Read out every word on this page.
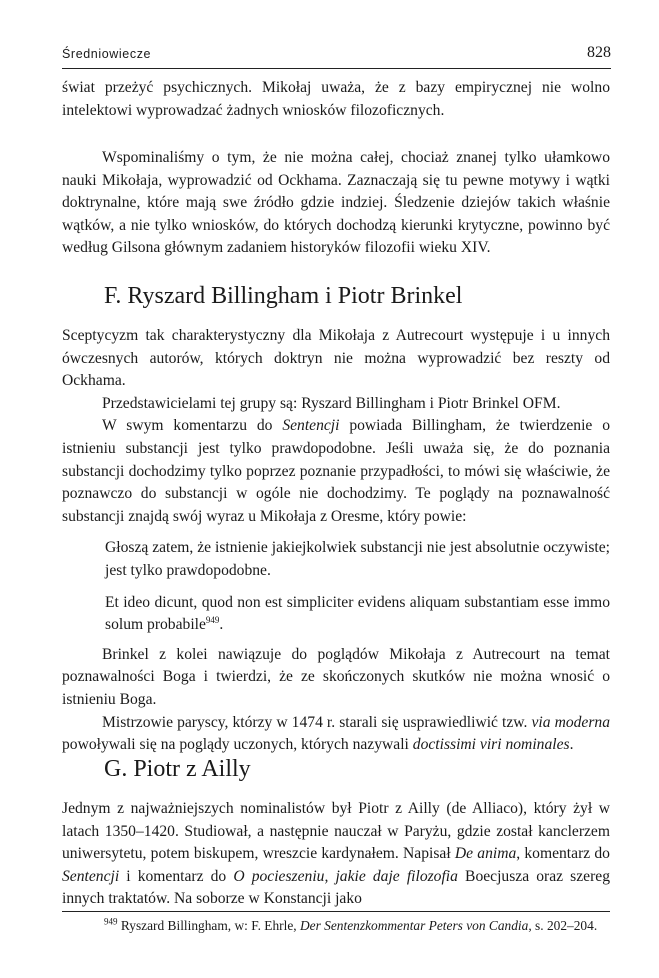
Średniowiecze	828

świat przeżyć psychicznych. Mikołaj uważa, że z bazy empirycznej nie wolno intelektowi wyprowadzać żadnych wniosków filozoficznych.

Wspominaliśmy o tym, że nie można całej, chociaż znanej tylko ułamkowo nauki Mikołaja, wyprowadzić od Ockhama. Zaznaczają się tu pewne motywy i wątki doktrynalne, które mają swe źródło gdzie indziej. Śledzenie dziejów takich właśnie wątków, a nie tylko wniosków, do których dochodzą kierunki krytyczne, powinno być według Gilsona głównym zadaniem historyków filozofii wieku XIV.

F. Ryszard Billingham i Piotr Brinkel

Sceptycyzm tak charakterystyczny dla Mikołaja z Autrecourt występuje i u innych ówczesnych autorów, których doktryn nie można wyprowadzić bez reszty od Ockhama.

Przedstawicielami tej grupy są: Ryszard Billingham i Piotr Brinkel OFM.

W swym komentarzu do Sentencji powiada Billingham, że twierdzenie o istnieniu substancji jest tylko prawdopodobne. Jeśli uważa się, że do poznania substancji dochodzimy tylko poprzez poznanie przypadłości, to mówi się właściwie, że poznawczo do substancji w ogóle nie dochodzimy. Te poglądy na poznawalność substancji znajdą swój wyraz u Mikołaja z Oresme, który powie:

Głoszą zatem, że istnienie jakiejkolwiek substancji nie jest absolutnie oczywiste; jest tylko prawdopodobne.

Et ideo dicunt, quod non est simpliciter evidens aliquam substantiam esse immo solum probabile$^{949}$.

Brinkel z kolei nawiązuje do poglądów Mikołaja z Autrecourt na temat poznawalności Boga i twierdzi, że ze skończonych skutków nie można wnosić o istnieniu Boga.

Mistrzowie paryscy, którzy w 1474 r. starali się usprawiedliwić tzw. via moderna powoływali się na poglądy uczonych, których nazywali doctissimi viri nominales.

G. Piotr z Ailly

Jednym z najważniejszych nominalistów był Piotr z Ailly (de Alliaco), który żył w latach 1350–1420. Studiował, a następnie nauczał w Paryżu, gdzie został kanclerzem uniwersytetu, potem biskupem, wreszcie kardynałem. Napisał De anima, komentarz do Sentencji i komentarz do O pocieszeniu, jakie daje filozofia Boecjusza oraz szereg innych traktatów. Na soborze w Konstancji jako

$^{949}$ Ryszard Billingham, w: F. Ehrle, Der Sentenzkommentar Peters von Candia, s. 202–204.
